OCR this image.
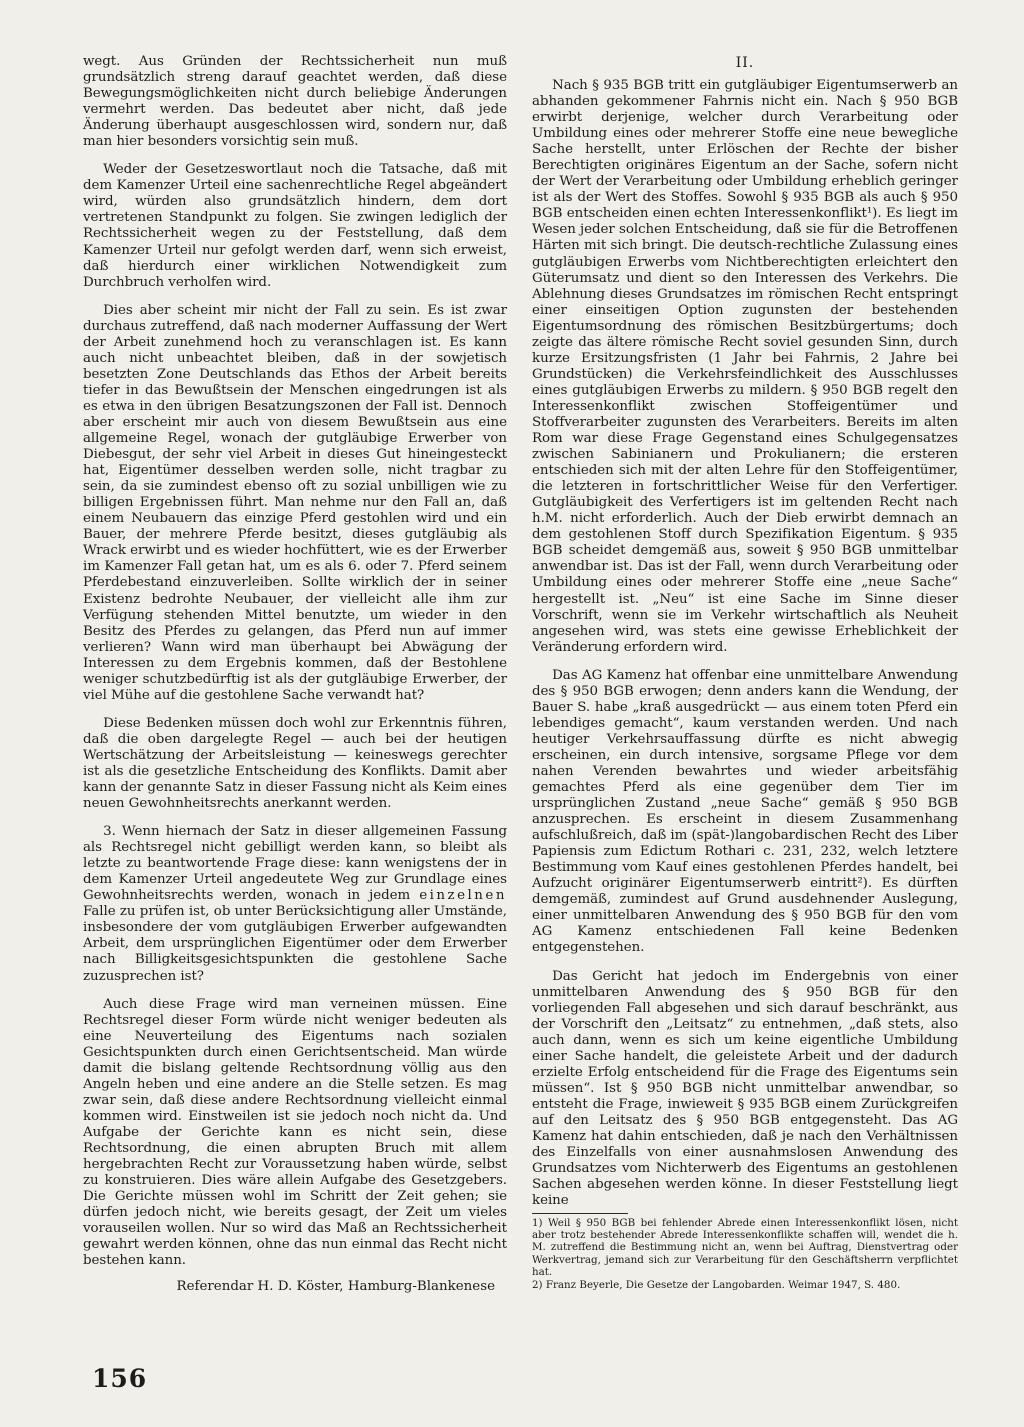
wegt. Aus Gründen der Rechtssicherheit nun muß grundsätzlich streng darauf geachtet werden, daß diese Bewegungsmöglichkeiten nicht durch beliebige Änderungen vermehrt werden. Das bedeutet aber nicht, daß jede Änderung überhaupt ausgeschlossen wird, sondern nur, daß man hier besonders vorsichtig sein muß.

Weder der Gesetzeswortlaut noch die Tatsache, daß mit dem Kamenzer Urteil eine sachenrechtliche Regel abgeändert wird, würden also grundsätzlich hindern, dem dort vertretenen Standpunkt zu folgen. Sie zwingen lediglich der Rechtssicherheit wegen zu der Feststellung, daß dem Kamenzer Urteil nur gefolgt werden darf, wenn sich erweist, daß hierdurch einer wirklichen Notwendigkeit zum Durchbruch verholfen wird.

Dies aber scheint mir nicht der Fall zu sein. Es ist zwar durchaus zutreffend, daß nach moderner Auffassung der Wert der Arbeit zunehmend hoch zu veranschlagen ist. Es kann auch nicht unbeachtet bleiben, daß in der sowjetisch besetzten Zone Deutschlands das Ethos der Arbeit bereits tiefer in das Bewußtsein der Menschen eingedrungen ist als es etwa in den übrigen Besatzungszonen der Fall ist. Dennoch aber erscheint mir auch von diesem Bewußtsein aus eine allgemeine Regel, wonach der gutgläubige Erwerber von Diebesgut, der sehr viel Arbeit in dieses Gut hineingesteckt hat, Eigentümer desselben werden solle, nicht tragbar zu sein, da sie zumindest ebenso oft zu sozial unbilligen wie zu billigen Ergebnissen führt. Man nehme nur den Fall an, daß einem Neubauern das einzige Pferd gestohlen wird und ein Bauer, der mehrere Pferde besitzt, dieses gutgläubig als Wrack erwirbt und es wieder hochfüttert, wie es der Erwerber im Kamenzer Fall getan hat, um es als 6. oder 7. Pferd seinem Pferdebestand einzuverleiben. Sollte wirklich der in seiner Existenz bedrohte Neubauer, der vielleicht alle ihm zur Verfügung stehenden Mittel benutzte, um wieder in den Besitz des Pferdes zu gelangen, das Pferd nun auf immer verlieren? Wann wird man überhaupt bei Abwägung der Interessen zu dem Ergebnis kommen, daß der Bestohlene weniger schutzbedürftig ist als der gutgläubige Erwerber, der viel Mühe auf die gestohlene Sache verwandt hat?

Diese Bedenken müssen doch wohl zur Erkenntnis führen, daß die oben dargelegte Regel — auch bei der heutigen Wertschätzung der Arbeitsleistung — keineswegs gerechter ist als die gesetzliche Entscheidung des Konflikts. Damit aber kann der genannte Satz in dieser Fassung nicht als Keim eines neuen Gewohnheitsrechts anerkannt werden.

3. Wenn hiernach der Satz in dieser allgemeinen Fassung als Rechtsregel nicht gebilligt werden kann, so bleibt als letzte zu beantwortende Frage diese: kann wenigstens der in dem Kamenzer Urteil angedeutete Weg zur Grundlage eines Gewohnheitsrechts werden, wonach in jedem einzelnen Falle zu prüfen ist, ob unter Berücksichtigung aller Umstände, insbesondere der vom gutgläubigen Erwerber aufgewandten Arbeit, dem ursprünglichen Eigentümer oder dem Erwerber nach Billigkeitsgesichtspunkten die gestohlene Sache zuzusprechen ist?

Auch diese Frage wird man verneinen müssen. Eine Rechtsregel dieser Form würde nicht weniger bedeuten als eine Neuverteilung des Eigentums nach sozialen Gesichtspunkten durch einen Gerichtsentscheid. Man würde damit die bislang geltende Rechtsordnung völlig aus den Angeln heben und eine andere an die Stelle setzen. Es mag zwar sein, daß diese andere Rechtsordnung vielleicht einmal kommen wird. Einstweilen ist sie jedoch noch nicht da. Und Aufgabe der Gerichte kann es nicht sein, diese Rechtsordnung, die einen abrupten Bruch mit allem hergebrachten Recht zur Voraussetzung haben würde, selbst zu konstruieren. Dies wäre allein Aufgabe des Gesetzgebers. Die Gerichte müssen wohl im Schritt der Zeit gehen; sie dürfen jedoch nicht, wie bereits gesagt, der Zeit um vieles vorauseilen wollen. Nur so wird das Maß an Rechtssicherheit gewahrt werden können, ohne das nun einmal das Recht nicht bestehen kann.

Referendar H. D. Köster, Hamburg-Blankenese

II.

Nach § 935 BGB tritt ein gutgläubiger Eigentumserwerb an abhanden gekommener Fahrnis nicht ein. Nach § 950 BGB erwirbt derjenige, welcher durch Verarbeitung oder Umbildung eines oder mehrerer Stoffe eine neue bewegliche Sache herstellt, unter Erlöschen der Rechte der bisher Berechtigten originäres Eigentum an der Sache, sofern nicht der Wert der Verarbeitung oder Umbildung erheblich geringer ist als der Wert des Stoffes. Sowohl § 935 BGB als auch § 950 BGB entscheiden einen echten Interessenkonflikt¹). Es liegt im Wesen jeder solchen Entscheidung, daß sie für die Betroffenen Härten mit sich bringt. Die deutsch-rechtliche Zulassung eines gutgläubigen Erwerbs vom Nichtberechtigten erleichtert den Güterumsatz und dient so den Interessen des Verkehrs. Die Ablehnung dieses Grundsatzes im römischen Recht entspringt einer einseitigen Option zugunsten der bestehenden Eigentumsordnung des römischen Besitzbürgertums; doch zeigte das ältere römische Recht soviel gesunden Sinn, durch kurze Ersitzungsfristen (1 Jahr bei Fahrnis, 2 Jahre bei Grundstücken) die Verkehrsfeindlichkeit des Ausschlusses eines gutgläubigen Erwerbs zu mildern. § 950 BGB regelt den Interessenkonflikt zwischen Stoffeigentümer und Stoffverarbeiter zugunsten des Verarbeiters. Bereits im alten Rom war diese Frage Gegenstand eines Schulgegensatzes zwischen Sabinianern und Prokulianern; die ersteren entschieden sich mit der alten Lehre für den Stoffeigentümer, die letzteren in fortschrittlicher Weise für den Verfertiger. Gutgläubigkeit des Verfertigers ist im geltenden Recht nach h.M. nicht erforderlich. Auch der Dieb erwirbt demnach an dem gestohlenen Stoff durch Spezifikation Eigentum. § 935 BGB scheidet demgemäß aus, soweit § 950 BGB unmittelbar anwendbar ist. Das ist der Fall, wenn durch Verarbeitung oder Umbildung eines oder mehrerer Stoffe eine „neue Sache“ hergestellt ist. „Neu“ ist eine Sache im Sinne dieser Vorschrift, wenn sie im Verkehr wirtschaftlich als Neuheit angesehen wird, was stets eine gewisse Erheblichkeit der Veränderung erfordern wird.

Das AG Kamenz hat offenbar eine unmittelbare Anwendung des § 950 BGB erwogen; denn anders kann die Wendung, der Bauer S. habe „kraß ausgedrückt — aus einem toten Pferd ein lebendiges gemacht“, kaum verstanden werden. Und nach heutiger Verkehrsauffassung dürfte es nicht abwegig erscheinen, ein durch intensive, sorgsame Pflege vor dem nahen Verenden bewahrtes und wieder arbeitsfähig gemachtes Pferd als eine gegenüber dem Tier im ursprünglichen Zustand „neue Sache“ gemäß § 950 BGB anzusprechen. Es erscheint in diesem Zusammenhang aufschlußreich, daß im (spät-)langobardischen Recht des Liber Papiensis zum Edictum Rothari c. 231, 232, welch letztere Bestimmung vom Kauf eines gestohlenen Pferdes handelt, bei Aufzucht originärer Eigentumserwerb eintritt²). Es dürften demgemäß, zumindest auf Grund ausdehnender Auslegung, einer unmittelbaren Anwendung des § 950 BGB für den vom AG Kamenz entschiedenen Fall keine Bedenken entgegenstehen.

Das Gericht hat jedoch im Endergebnis von einer unmittelbaren Anwendung des § 950 BGB für den vorliegenden Fall abgesehen und sich darauf beschränkt, aus der Vorschrift den „Leitsatz“ zu entnehmen, „daß stets, also auch dann, wenn es sich um keine eigentliche Umbildung einer Sache handelt, die geleistete Arbeit und der dadurch erzielte Erfolg entscheidend für die Frage des Eigentums sein müssen“. Ist § 950 BGB nicht unmittelbar anwendbar, so entsteht die Frage, inwieweit § 935 BGB einem Zurückgreifen auf den Leitsatz des § 950 BGB entgegensteht. Das AG Kamenz hat dahin entschieden, daß je nach den Verhältnissen des Einzelfalls von einer ausnahmslosen Anwendung des Grundsatzes vom Nichterwerb des Eigentums an gestohlenen Sachen abgesehen werden könne. In dieser Feststellung liegt keine

1) Weil § 950 BGB bei fehlender Abrede einen Interessenkonflikt lösen, nicht aber trotz bestehender Abrede Interessenkonflikte schaffen will, wendet die h. M. zutreffend die Bestimmung nicht an, wenn bei Auftrag, Dienstvertrag oder Werkvertrag, jemand sich zur Verarbeitung für den Geschäftsherrn verpflichtet hat.

2) Franz Beyerle, Die Gesetze der Langobarden. Weimar 1947, S. 480.

156
